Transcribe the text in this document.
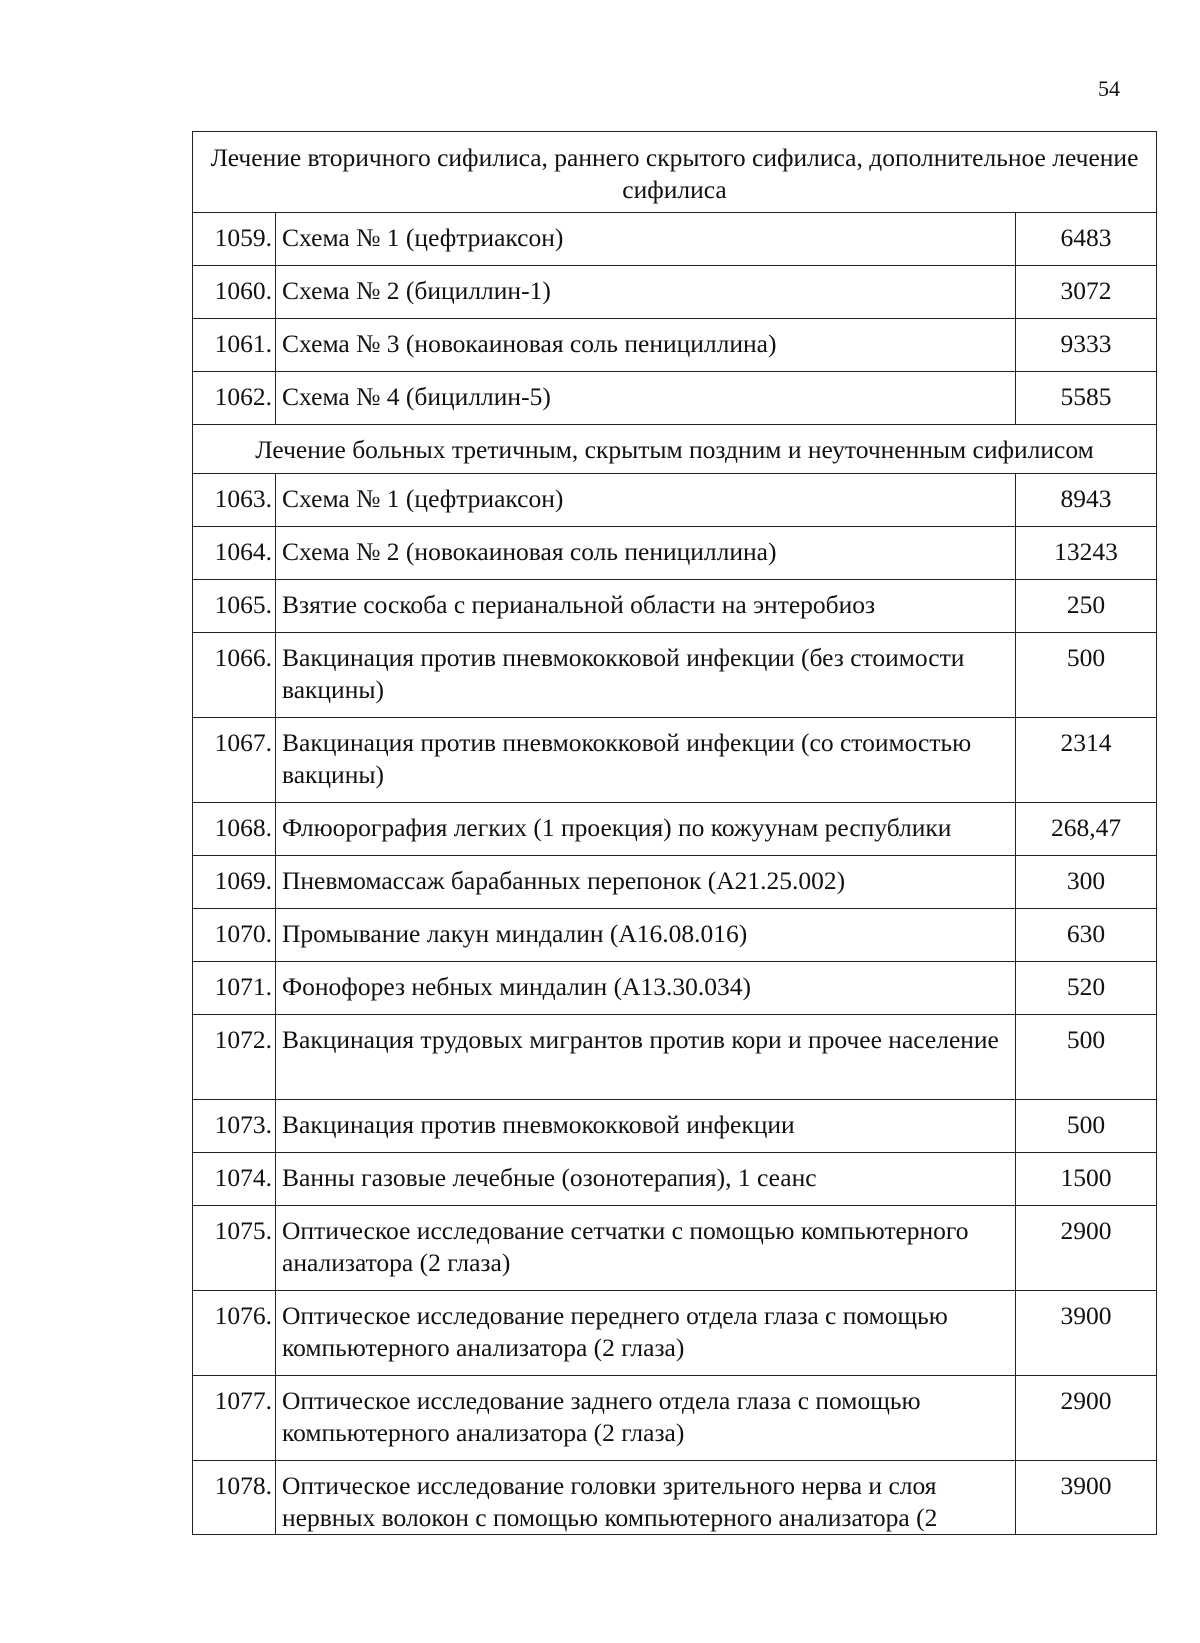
54
Лечение вторичного сифилиса, раннего скрытого сифилиса, дополнительное лечение сифилиса		
1059.	Схема № 1 (цефтриаксон)	6483
1060.	Схема № 2 (бициллин-1)	3072
1061.	Схема № 3 (новокаиновая соль пенициллина)	9333
1062.	Схема № 4 (бициллин-5)	5585
Лечение больных третичным, скрытым поздним и неуточненным сифилисом		
1063.	Схема № 1 (цефтриаксон)	8943
1064.	Схема № 2 (новокаиновая соль пенициллина)	13243
1065.	Взятие соскоба с перианальной области на энтеробиоз	250
1066.	Вакцинация против пневмококковой инфекции (без стоимости вакцины)	500
1067.	Вакцинация против пневмококковой инфекции (со стоимостью вакцины)	2314
1068.	Флюорография легких (1 проекция) по кожуунам республики	268,47
1069.	Пневмомассаж барабанных перепонок (А21.25.002)	300
1070.	Промывание лакун миндалин (А16.08.016)	630
1071.	Фонофорез небных миндалин (А13.30.034)	520
1072.	Вакцинация трудовых мигрантов против кори и прочее население	500
1073.	Вакцинация против пневмококковой инфекции	500
1074.	Ванны газовые лечебные (озонотерапия), 1 сеанс	1500
1075.	Оптическое исследование сетчатки с помощью компьютерного анализатора (2 глаза)	2900
1076.	Оптическое исследование переднего отдела глаза с помощью компьютерного анализатора (2 глаза)	3900
1077.	Оптическое исследование заднего отдела глаза с помощью компьютерного анализатора (2 глаза)	2900
1078.	Оптическое исследование головки зрительного нерва и слоя нервных волокон с помощью компьютерного анализатора (2	3900
